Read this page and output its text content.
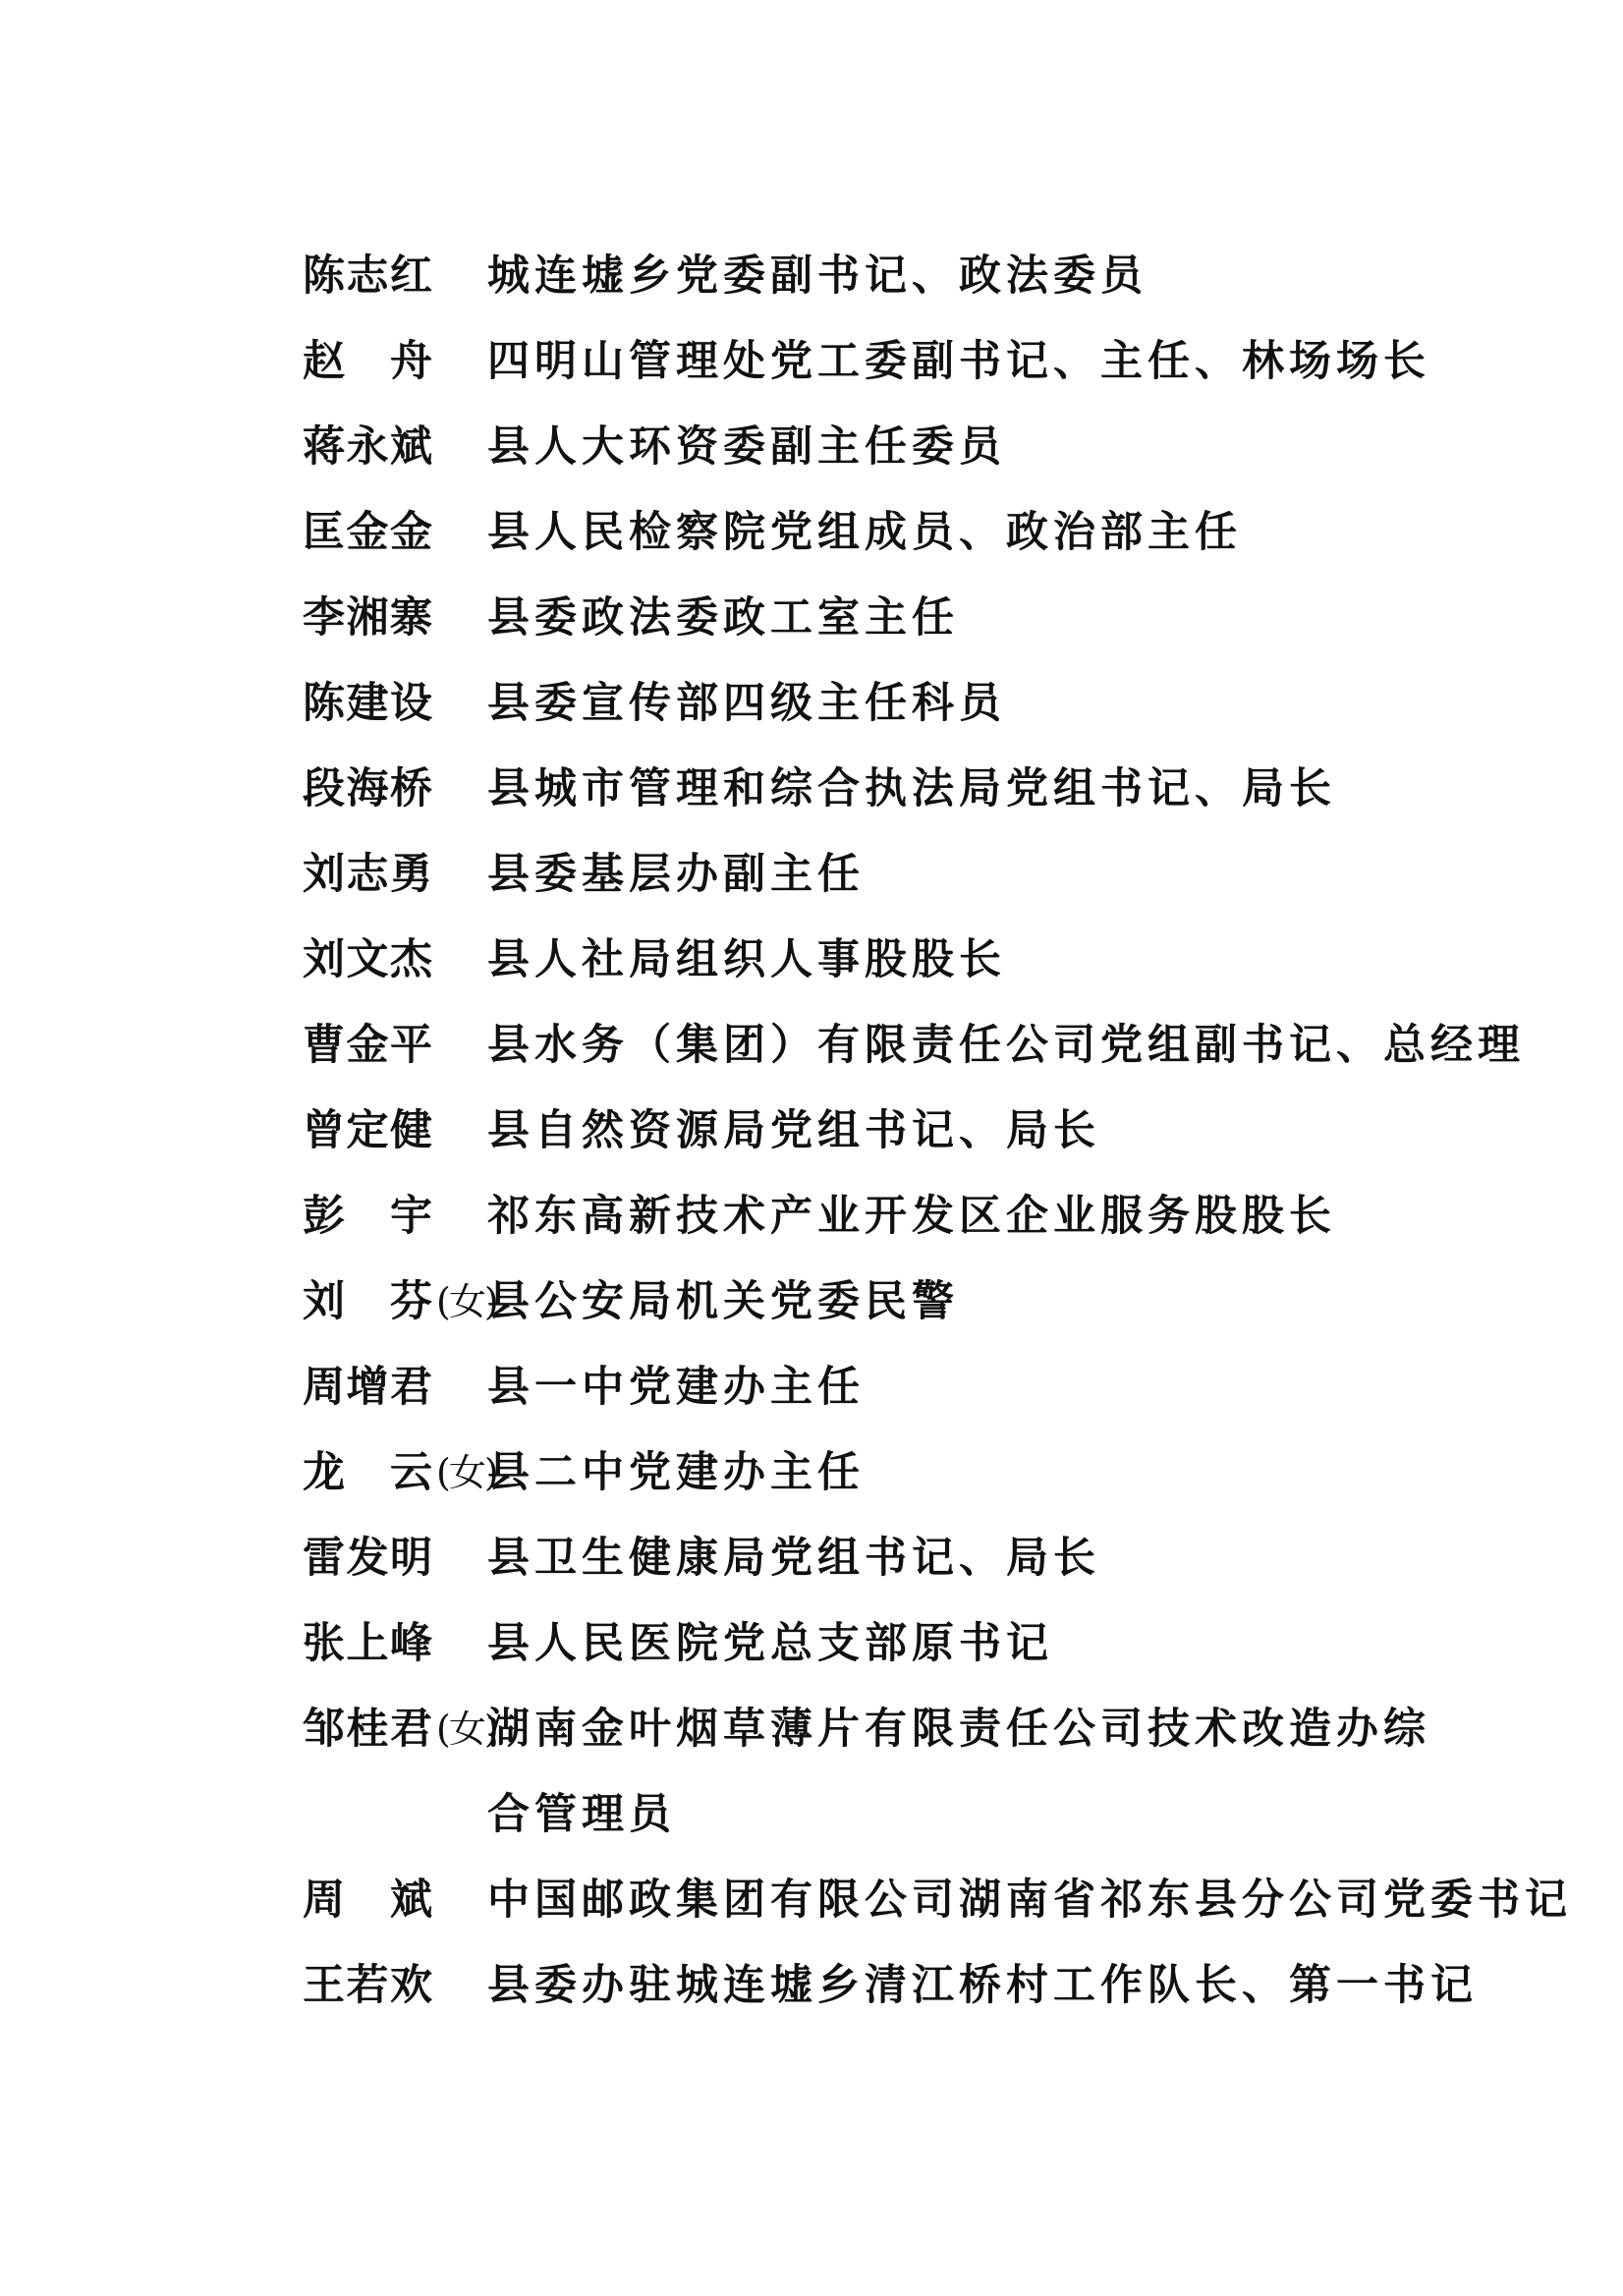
陈 志 红 城连墟乡党委副书记、政法委员
赵 舟 四明山管理处党工委副书记、主任、林场场长
蒋 永 斌 县人大环资委副主任委员
匡 金 金 县人民检察院党组成员、政治部主任
李 湘 寨 县委政法委政工室主任
陈 建 设 县委宣传部四级主任科员
段 海 桥 县城市管理和综合执法局党组书记、局长
刘 志 勇 县委基层办副主任
刘 文 杰 县人社局组织人事股股长
曹 金 平 县水务（集团）有限责任公司党组副书记、总经理
曾 定 健 县自然资源局党组书记、局长
彭 宇 祁东高新技术产业开发区企业服务股股长
刘 芬 (女)
县公安局机关党委民警
周 增 君 县一中党建办主任
龙 云 (女)
县二中党建办主任
雷 发 明 县卫生健康局党组书记、局长
张 上 峰 县人民医院党总支部原书记
邹 桂 君 (女)
湖南金叶烟草薄片有限责任公司技术改造办综合管理员
周 斌 中国邮政集团有限公司湖南省祁东县分公司党委书记
王 若 欢 县委办驻城连墟乡清江桥村工作队长、第一书记
